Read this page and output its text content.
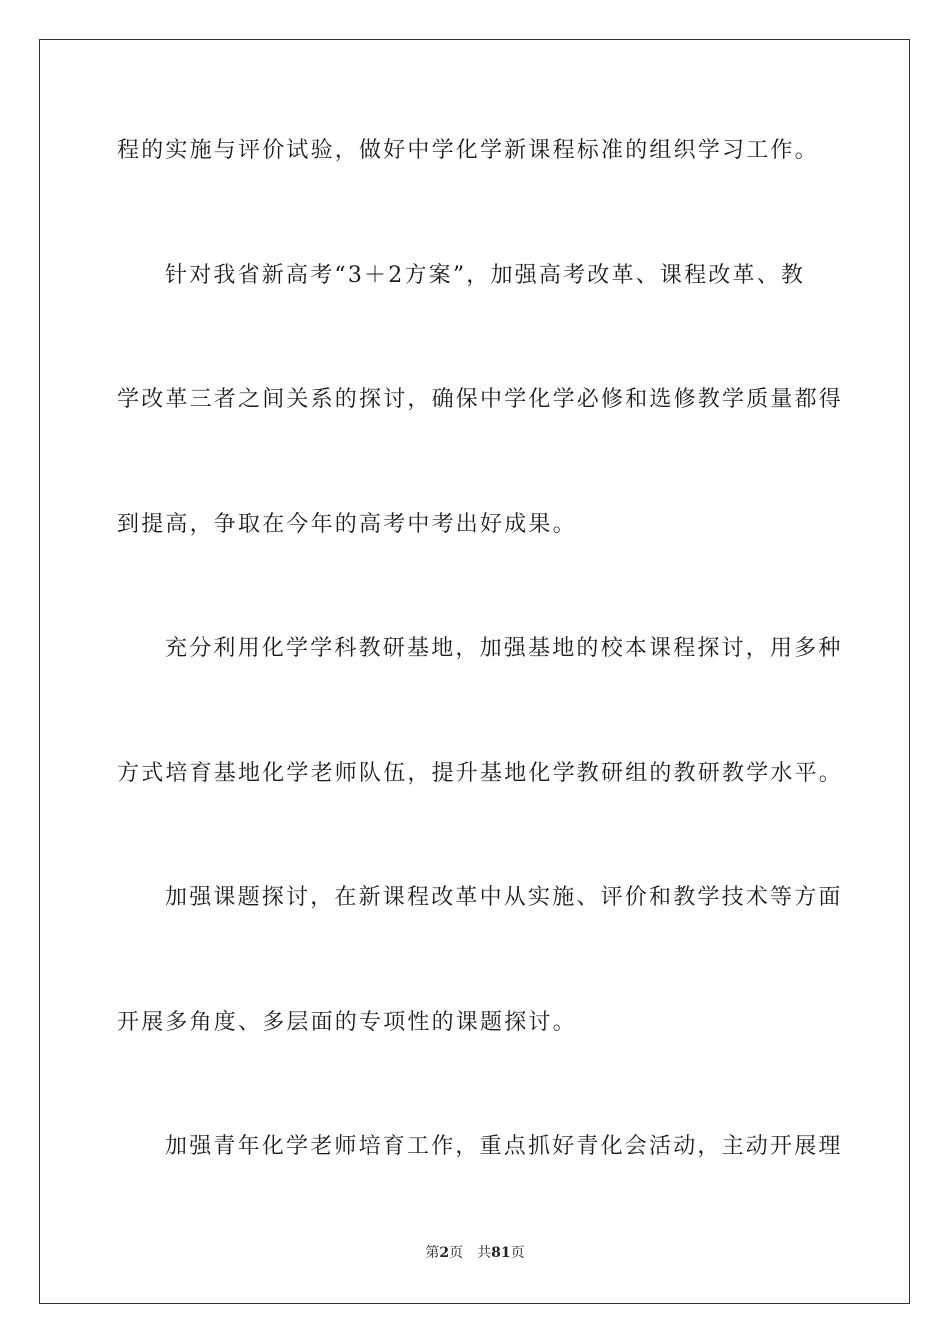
程的实施与评价试验，做好中学化学新课程标准的组织学习工作。
针对我省新高考“3＋2方案”，加强高考改革、课程改革、教
学改革三者之间关系的探讨，确保中学化学必修和选修教学质量都得
到提高，争取在今年的高考中考出好成果。
充分利用化学学科教研基地，加强基地的校本课程探讨，用多种
方式培育基地化学老师队伍，提升基地化学教研组的教研教学水平。
加强课题探讨，在新课程改革中从实施、评价和教学技术等方面
开展多角度、多层面的专项性的课题探讨。
加强青年化学老师培育工作，重点抓好青化会活动，主动开展理
第2页 共81页
